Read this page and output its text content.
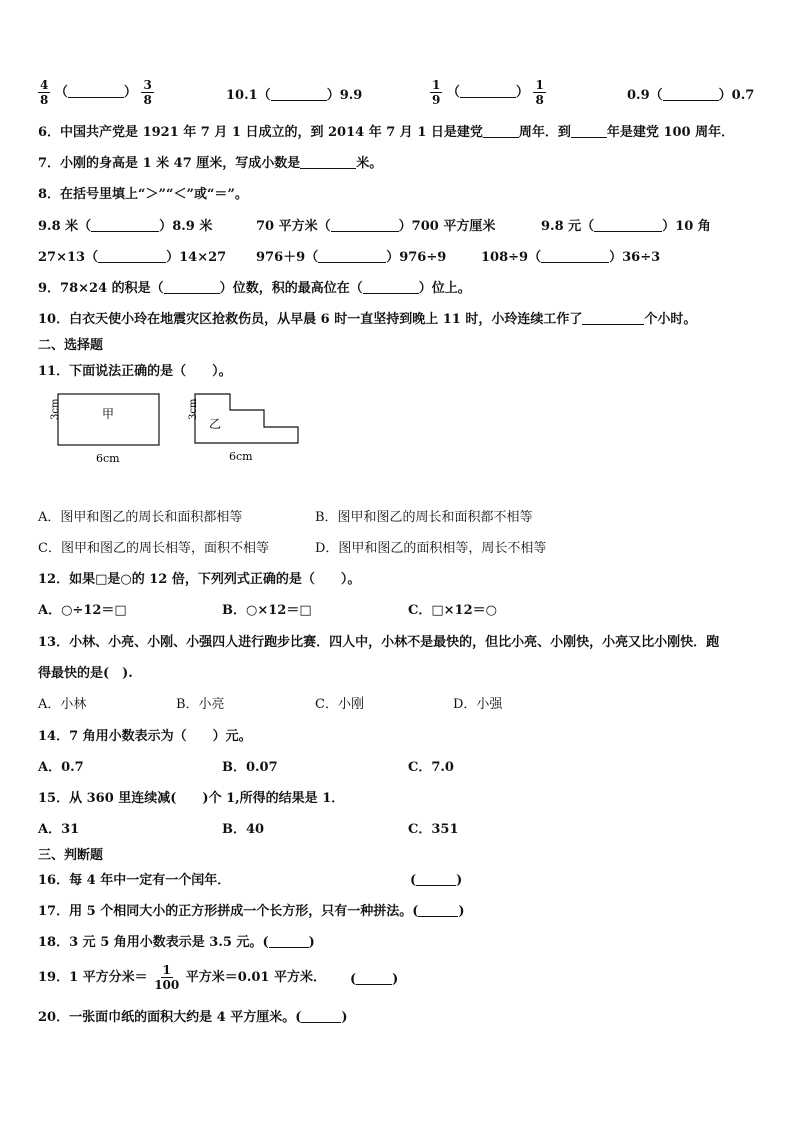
$\frac{4}{8}$ （	） $\frac{3}{8}$	10.1（	）9.9	$\frac{1}{9}$ （	） $\frac{1}{8}$	0.9（	）0.7
6．中国共产党是 1921 年 7 月 1 日成立的，到 2014 年 7 月 1 日是建党	周年．到	年是建党 100 周年．
7．小刚的身高是 1 米 47 厘米，写成小数是	米。
8．在括号里填上“＞”“＜”或“＝”。
9.8 米（	）8.9 米	70 平方米（	）700 平方厘米	9.8 元（	）10 角
27×13（	）14×27 976＋9（	）976÷9	108÷9（	）36÷3
9．78×24 的积是（	）位数，积的最高位在（	）位上。
10．白衣天使小玲在地震灾区抢救伤员，从早晨 6 时一直坚持到晚上 11 时，小玲连续工作了	个小时。
二、选择题
11．下面说法正确的是（　　）。
甲
3cm
6cm
乙
3cm
6cm
A．图甲和图乙的周长和面积都相等	B．图甲和图乙的周长和面积都不相等
C．图甲和图乙的周长相等，面积不相等	D．图甲和图乙的面积相等，周长不相等
12．如果□是○的 12 倍，下列列式正确的是（　　）。
A．○÷12＝□	B．○×12＝□	C．□×12＝○
13．小林、小亮、小刚、小强四人进行跑步比赛．四人中，小林不是最快的，但比小亮、小刚快，小亮又比小刚快．跑
得最快的是(　).
A．小林	B．小亮	C．小刚	D．小强
14．7 角用小数表示为（　　）元。
A．0.7	B．0.07	C．7.0
15．从 360 里连续减(　　)个 1,所得的结果是 1．
A．31	B．40	C．351
三、判断题
16．每 4 年中一定有一个闰年．	(	)
17．用 5 个相同大小的正方形拼成一个长方形，只有一种拼法。(	)
18．3 元 5 角用小数表示是 3.5 元。(	)
19．1 平方分米＝ $\frac{1}{100}$ 平方米＝0.01 平方米． (	)
20．一张面巾纸的面积大约是 4 平方厘米。(	)
